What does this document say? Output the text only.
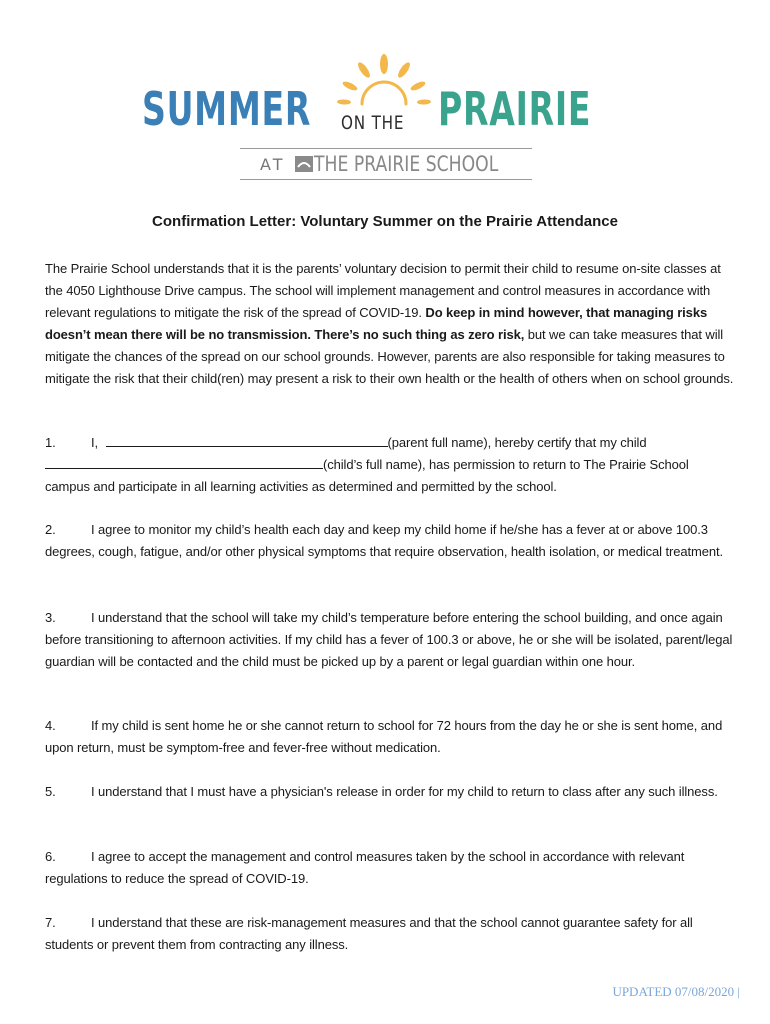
SUMMER ON THE PRAIRIE
AT THE PRAIRIE SCHOOL
Confirmation Letter: Voluntary Summer on the Prairie Attendance
The Prairie School understands that it is the parents’ voluntary decision to permit their child to resume on-site classes at the 4050 Lighthouse Drive campus. The school will implement management and control measures in accordance with relevant regulations to mitigate the risk of the spread of COVID-19. Do keep in mind however, that managing risks doesn’t mean there will be no transmission. There’s no such thing as zero risk, but we can take measures that will mitigate the chances of the spread on our school grounds. However, parents are also responsible for taking measures to mitigate the risk that their child(ren) may present a risk to their own health or the health of others when on school grounds.
1.	I,	(parent full name), hereby certify that my child
(child’s full name), has permission to return to The Prairie School campus and participate in all learning activities as determined and permitted by the school.
2.	I agree to monitor my child’s health each day and keep my child home if he/she has a fever at or above 100.3 degrees, cough, fatigue, and/or other physical symptoms that require observation, health isolation, or medical treatment.
3.	I understand that the school will take my child’s temperature before entering the school building, and once again before transitioning to afternoon activities. If my child has a fever of 100.3 or above, he or she will be isolated, parent/legal guardian will be contacted and the child must be picked up by a parent or legal guardian within one hour.
4.	If my child is sent home he or she cannot return to school for 72 hours from the day he or she is sent home, and upon return, must be symptom-free and fever-free without medication.
5.	I understand that I must have a physician's release in order for my child to return to class after any such illness.
6.	I agree to accept the management and control measures taken by the school in accordance with relevant regulations to reduce the spread of COVID-19.
7.	I understand that these are risk-management measures and that the school cannot guarantee safety for all students or prevent them from contracting any illness.
UPDATED 07/08/2020 |
